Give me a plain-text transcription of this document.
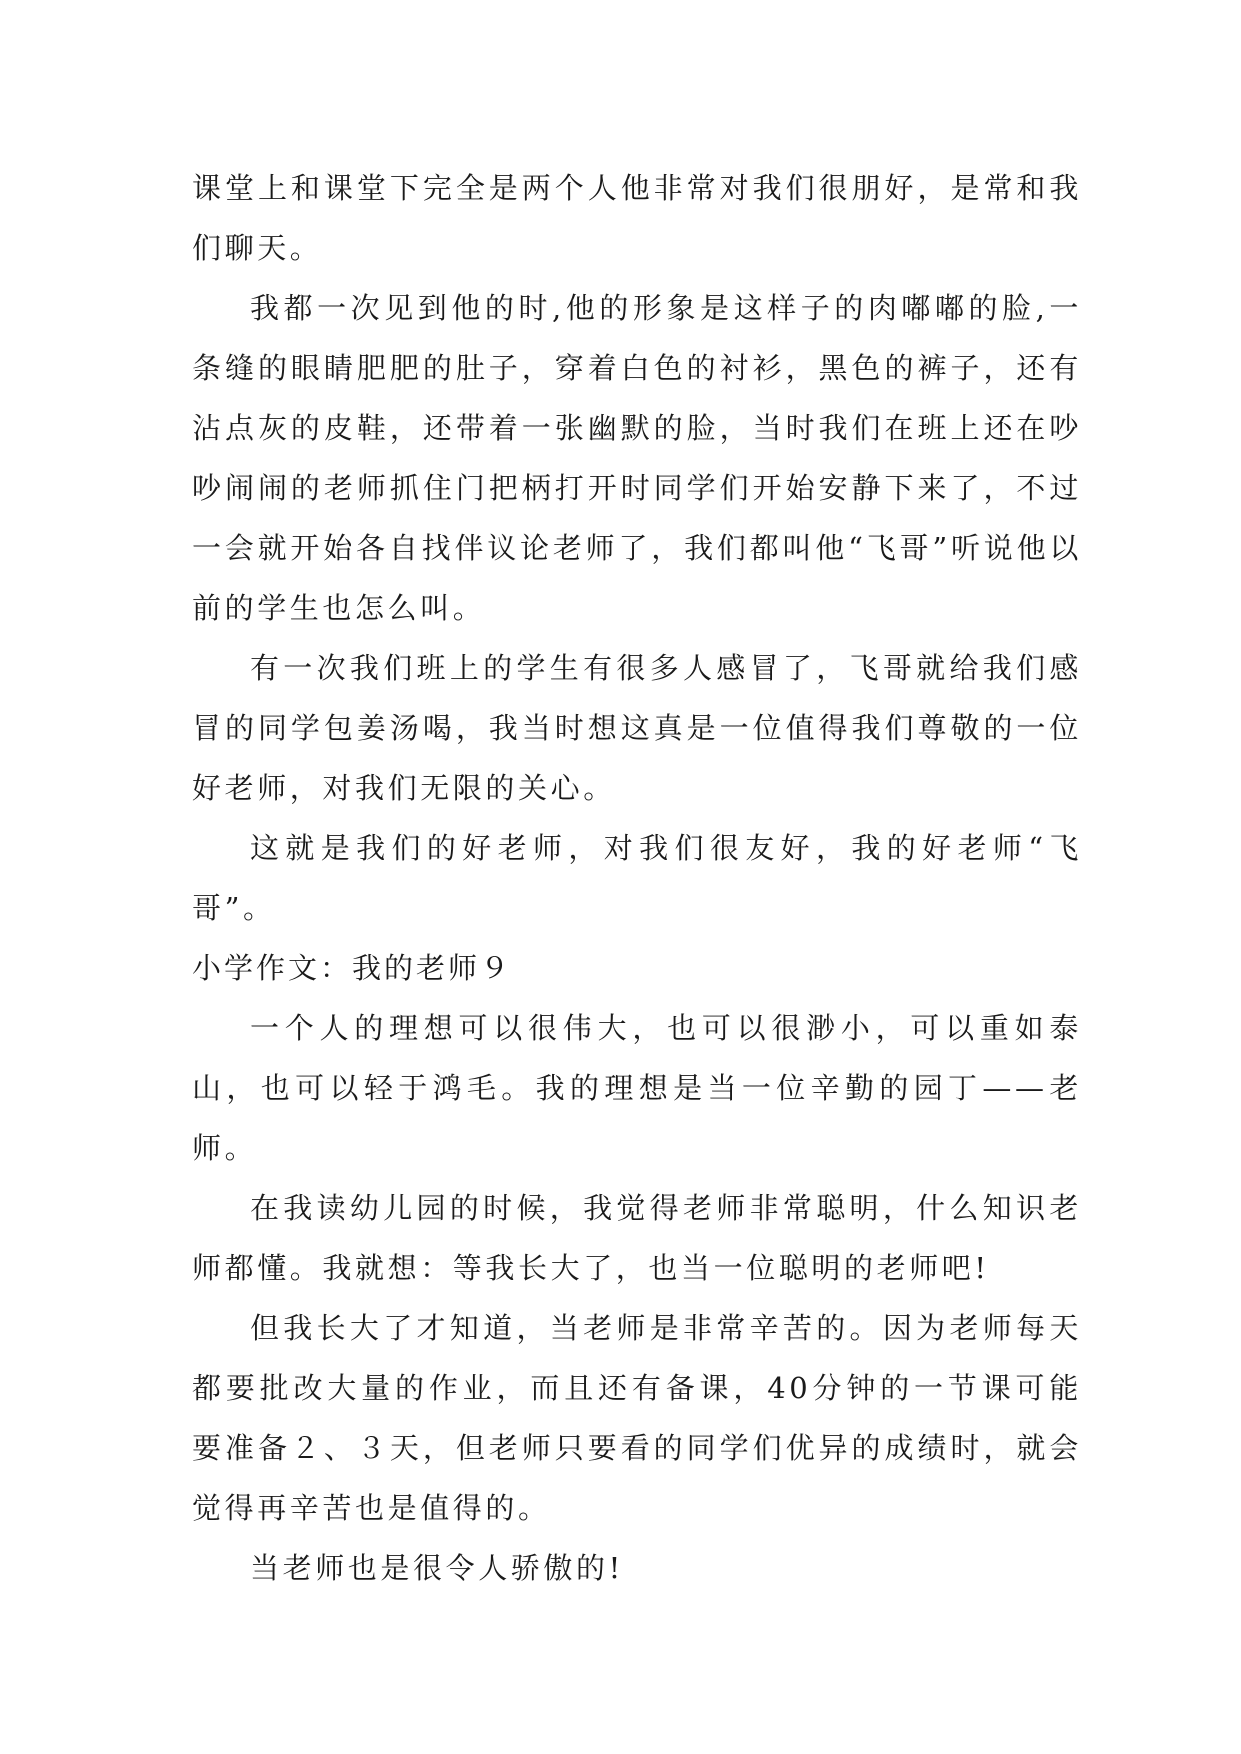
课堂上和课堂下完全是两个人他非常对我们很朋好，是常和我们聊天。

我都一次见到他的时,他的形象是这样子的肉嘟嘟的脸,一条缝的眼睛肥肥的肚子，穿着白色的衬衫，黑色的裤子，还有沾点灰的皮鞋，还带着一张幽默的脸，当时我们在班上还在吵吵闹闹的老师抓住门把柄打开时同学们开始安静下来了，不过一会就开始各自找伴议论老师了，我们都叫他“飞哥”听说他以前的学生也怎么叫。

有一次我们班上的学生有很多人感冒了，飞哥就给我们感冒的同学包姜汤喝，我当时想这真是一位值得我们尊敬的一位好老师，对我们无限的关心。

这就是我们的好老师，对我们很友好，我的好老师“飞哥”。

小学作文：我的老师９

一个人的理想可以很伟大，也可以很渺小，可以重如泰山，也可以轻于鸿毛。我的理想是当一位辛勤的园丁——老师。

在我读幼儿园的时候，我觉得老师非常聪明，什么知识老师都懂。我就想：等我长大了，也当一位聪明的老师吧!

但我长大了才知道，当老师是非常辛苦的。因为老师每天都要批改大量的作业，而且还有备课，40分钟的一节课可能要准备２、３天，但老师只要看的同学们优异的成绩时，就会觉得再辛苦也是值得的。

当老师也是很令人骄傲的!
